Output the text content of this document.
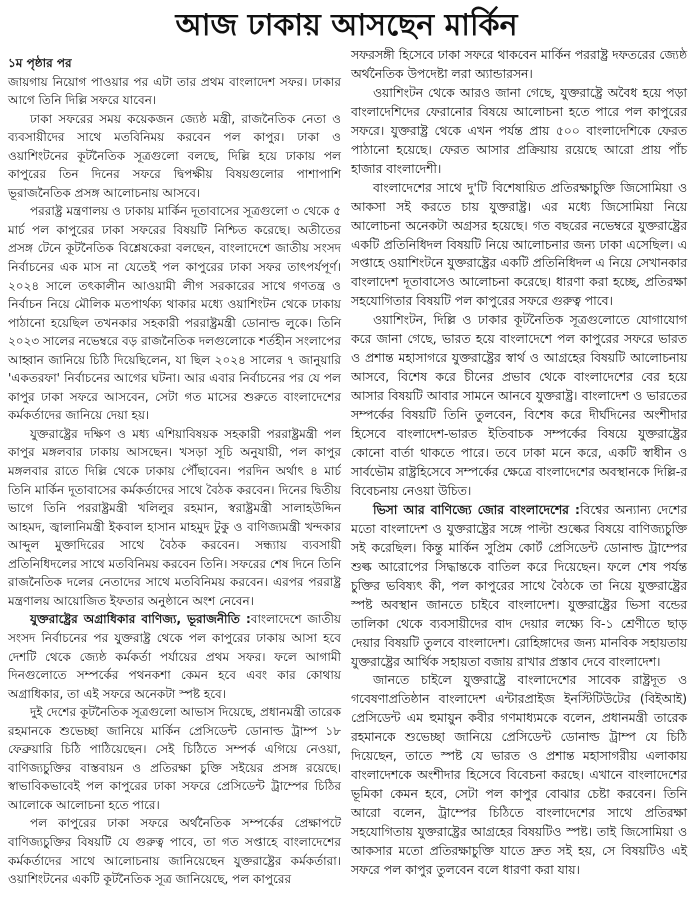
আজ ঢাকায় আসছেন মার্কিন
১ম পৃষ্ঠার পর

জায়গায় নিয়োগ পাওয়ার পর এটা তার প্রথম বাংলাদেশ সফর। ঢাকার আগে তিনি দিল্লি সফরে যাবেন।

ঢাকা সফরের সময় কয়েকজন জ্যেষ্ঠ মন্ত্রী, রাজনৈতিক নেতা ও ব্যবসায়ীদের সাথে মতবিনিময় করবেন পল কাপুর। ঢাকা ও ওয়াশিংটনের কূটনৈতিক সূত্রগুলো বলছে, দিল্লি হয়ে ঢাকায় পল কাপুরের তিন দিনের সফরে দ্বিপক্ষীয় বিষয়গুলোর পাশাপাশি ভূরাজনৈতিক প্রসঙ্গ আলোচনায় আসবে।

পররাষ্ট্র মন্ত্রণালয় ও ঢাকায় মার্কিন দূতাবাসের সূত্রগুলো ৩ থেকে ৫ মার্চ পল কাপুরের ঢাকা সফরের বিষয়টি নিশ্চিত করেছে। অতীতের প্রসঙ্গ টেনে কূটনৈতিক বিশ্লেষকেরা বলছেন, বাংলাদেশে জাতীয় সংসদ নির্বাচনের এক মাস না যেতেই পল কাপুরের ঢাকা সফর তাৎপর্যপূর্ণ। ২০২৪ সালে তৎকালীন আওয়ামী লীগ সরকারের সাথে গণতন্ত্র ও নির্বাচন নিয়ে মৌলিক মতপার্থক্য থাকার মধ্যে ওয়াশিংটন থেকে ঢাকায় পাঠানো হয়েছিল তখনকার সহকারী পররাষ্ট্রমন্ত্রী ডোনাল্ড লুকে। তিনি ২০২৩ সালের নভেম্বরে বড় রাজনৈতিক দলগুলোকে শর্তহীন সংলাপের আহ্বান জানিয়ে চিঠি দিয়েছিলেন, যা ছিল ২০২৪ সালের ৭ জানুয়ারি 'একতরফা' নির্বাচনের আগের ঘটনা। আর এবার নির্বাচনের পর যে পল কাপুর ঢাকা সফরে আসবেন, সেটা গত মাসের শুরুতে বাংলাদেশের কর্মকর্তাদের জানিয়ে দেয়া হয়।

যুক্তরাষ্ট্রের দক্ষিণ ও মধ্য এশিয়াবিষয়ক সহকারী পররাষ্ট্রমন্ত্রী পল কাপুর মঙ্গলবার ঢাকায় আসছেন। খসড়া সূচি অনুযায়ী, পল কাপুর মঙ্গলবার রাতে দিল্লি থেকে ঢাকায় পৌঁছাবেন। পরদিন অর্থাৎ ৪ মার্চ তিনি মার্কিন দূতাবাসের কর্মকর্তাদের সাথে বৈঠক করবেন। দিনের দ্বিতীয় ভাগে তিনি পররাষ্ট্রমন্ত্রী খলিলুর রহমান, স্বরাষ্ট্রমন্ত্রী সালাহউদ্দিন আহমদ, জ্বালানিমন্ত্রী ইকবাল হাসান মাহমুদ টুকু ও বাণিজ্যমন্ত্রী খন্দকার আব্দুল মুক্তাদিরের সাথে বৈঠক করবেন। সন্ধ্যায় ব্যবসায়ী প্রতিনিধিদলের সাথে মতবিনিময় করবেন তিনি। সফরের শেষ দিনে তিনি রাজনৈতিক দলের নেতাদের সাথে মতবিনিময় করবেন। এরপর পররাষ্ট্র মন্ত্রণালয় আয়োজিত ইফতার অনুষ্ঠানে অংশ নেবেন।

যুক্তরাষ্ট্রের অগ্রাধিকার বাণিজ্য, ভূরাজনীতি :বাংলাদেশে জাতীয় সংসদ নির্বাচনের পর যুক্তরাষ্ট্র থেকে পল কাপুরের ঢাকায় আসা হবে দেশটি থেকে জ্যেষ্ঠ কর্মকর্তা পর্যায়ের প্রথম সফর। ফলে আগামী দিনগুলোতে সম্পর্কের পথনকশা কেমন হবে এবং কার কোথায় অগ্রাধিকার, তা এই সফরে অনেকটা স্পষ্ট হবে।

দুই দেশের কূটনৈতিক সূত্রগুলো আভাস দিয়েছে, প্রধানমন্ত্রী তারেক রহমানকে শুভেচ্ছা জানিয়ে মার্কিন প্রেসিডেন্ট ডোনাল্ড ট্রাম্প ১৮ ফেব্রুয়ারি চিঠি পাঠিয়েছেন। সেই চিঠিতে সম্পর্ক এগিয়ে নেওয়া, বাণিজ্যচুক্তির বাস্তবায়ন ও প্রতিরক্ষা চুক্তি সইয়ের প্রসঙ্গ রয়েছে। স্বাভাবিকভাবেই পল কাপুরের ঢাকা সফরে প্রেসিডেন্ট ট্রাম্পের চিঠির আলোকে আলোচনা হতে পারে।

পল কাপুরের ঢাকা সফরে অর্থনৈতিক সম্পর্কের প্রেক্ষাপটে বাণিজ্যচুক্তির বিষয়টি যে গুরুত্ব পাবে, তা গত সপ্তাহে বাংলাদেশের কর্মকর্তাদের সাথে আলোচনায় জানিয়েছেন যুক্তরাষ্ট্রের কর্মকর্তারা। ওয়াশিংটনের একটি কূটনৈতিক সূত্র জানিয়েছে, পল কাপুরের

সফরসঙ্গী হিসেবে ঢাকা সফরে থাকবেন মার্কিন পররাষ্ট্র দফতরের জ্যেষ্ঠ অর্থনৈতিক উপদেষ্টা লরা অ্যান্ডারসন।

ওয়াশিংটন থেকে আরও জানা গেছে, যুক্তরাষ্ট্রে অবৈধ হয়ে পড়া বাংলাদেশিদের ফেরানোর বিষয়ে আলোচনা হতে পারে পল কাপুরের সফরে। যুক্তরাষ্ট্র থেকে এখন পর্যন্ত প্রায় ৫০০ বাংলাদেশিকে ফেরত পাঠানো হয়েছে। ফেরত আসার প্রক্রিয়ায় রয়েছে আরো প্রায় পাঁচ হাজার বাংলাদেশী।

বাংলাদেশের সাথে দু'টি বিশেষায়িত প্রতিরক্ষাচুক্তি জিসোমিয়া ও আকসা সই করতে চায় যুক্তরাষ্ট্র। এর মধ্যে জিসোমিয়া নিয়ে আলোচনা অনেকটা অগ্রসর হয়েছে। গত বছরের নভেম্বরে যুক্তরাষ্ট্রের একটি প্রতিনিধিদল বিষয়টি নিয়ে আলোচনার জন্য ঢাকা এসেছিল। এ সপ্তাহে ওয়াশিংটনে যুক্তরাষ্ট্রের একটি প্রতিনিধিদল এ নিয়ে সেখানকার বাংলাদেশ দূতাবাসেও আলোচনা করেছে। ধারণা করা হচ্ছে, প্রতিরক্ষা সহযোগিতার বিষয়টি পল কাপুরের সফরে গুরুত্ব পাবে।

ওয়াশিংটন, দিল্লি ও ঢাকার কূটনৈতিক সূত্রগুলোতে যোগাযোগ করে জানা গেছে, ভারত হয়ে বাংলাদেশে পল কাপুরের সফরে ভারত ও প্রশান্ত মহাসাগরে যুক্তরাষ্ট্রের স্বার্থ ও আগ্রহের বিষয়টি আলোচনায় আসবে, বিশেষ করে চীনের প্রভাব থেকে বাংলাদেশের বের হয়ে আসার বিষয়টি আবার সামনে আনবে যুক্তরাষ্ট্র। বাংলাদেশ ও ভারতের সম্পর্কের বিষয়টি তিনি তুলবেন, বিশেষ করে দীর্ঘদিনের অংশীদার হিসেবে বাংলাদেশ-ভারত ইতিবাচক সম্পর্কের বিষয়ে যুক্তরাষ্ট্রের কোনো বার্তা থাকতে পারে। তবে ঢাকা মনে করে, একটি স্বাধীন ও সার্বভৌম রাষ্ট্রহিসেবে সম্পর্কের ক্ষেত্রে বাংলাদেশের অবস্থানকে দিল্লি-র বিবেচনায় নেওয়া উচিত।

ভিসা আর বাণিজ্যে জোর বাংলাদেশের :বিশ্বের অন্যান্য দেশের মতো বাংলাদেশ ও যুক্তরাষ্ট্রের সঙ্গে পাল্টা শুল্কের বিষয়ে বাণিজ্যচুক্তি সই করেছিল। কিন্তু মার্কিন সুপ্রিম কোর্ট প্রেসিডেন্ট ডোনাল্ড ট্রাম্পের শুল্ক আরোপের সিদ্ধান্তকে বাতিল করে দিয়েছেন। ফলে শেষ পর্যন্ত চুক্তির ভবিষ্যৎ কী, পল কাপুরের সাথে বৈঠকে তা নিয়ে যুক্তরাষ্ট্রের স্পষ্ট অবস্থান জানতে চাইবে বাংলাদেশ। যুক্তরাষ্ট্রের ভিসা বন্ডের তালিকা থেকে ব্যবসায়ীদের বাদ দেয়ার লক্ষ্যে বি-১ শ্রেণীতে ছাড় দেয়ার বিষয়টি তুলবে বাংলাদেশ। রোহিঙ্গাদের জন্য মানবিক সহায়তায় যুক্তরাষ্ট্রের আর্থিক সহায়তা বজায় রাখার প্রস্তাব দেবে বাংলাদেশ।

জানতে চাইলে যুক্তরাষ্ট্রে বাংলাদেশের সাবেক রাষ্ট্রদূত ও গবেষণাপ্রতিষ্ঠান বাংলাদেশ এন্টারপ্রাইজ ইনস্টিটিউটের (বিইআই) প্রেসিডেন্ট এম হুমায়ুন কবীর গণমাধ্যমকে বলেন, প্রধানমন্ত্রী তারেক রহমানকে শুভেচ্ছা জানিয়ে প্রেসিডেন্ট ডোনাল্ড ট্রাম্প যে চিঠি দিয়েছেন, তাতে স্পষ্ট যে ভারত ও প্রশান্ত মহাসাগরীয় এলাকায় বাংলাদেশকে অংশীদার হিসেবে বিবেচনা করছে। এখানে বাংলাদেশের ভূমিকা কেমন হবে, সেটা পল কাপুর বোঝার চেষ্টা করবেন। তিনি আরো বলেন, ট্রাম্পের চিঠিতে বাংলাদেশের সাথে প্রতিরক্ষা সহযোগিতায় যুক্তরাষ্ট্রের আগ্রহের বিষয়টিও স্পষ্ট। তাই জিসোমিয়া ও আকসার মতো প্রতিরক্ষাচুক্তি যাতে দ্রুত সই হয়, সে বিষয়টিও এই সফরে পল কাপুর তুলবেন বলে ধারণা করা যায়।
